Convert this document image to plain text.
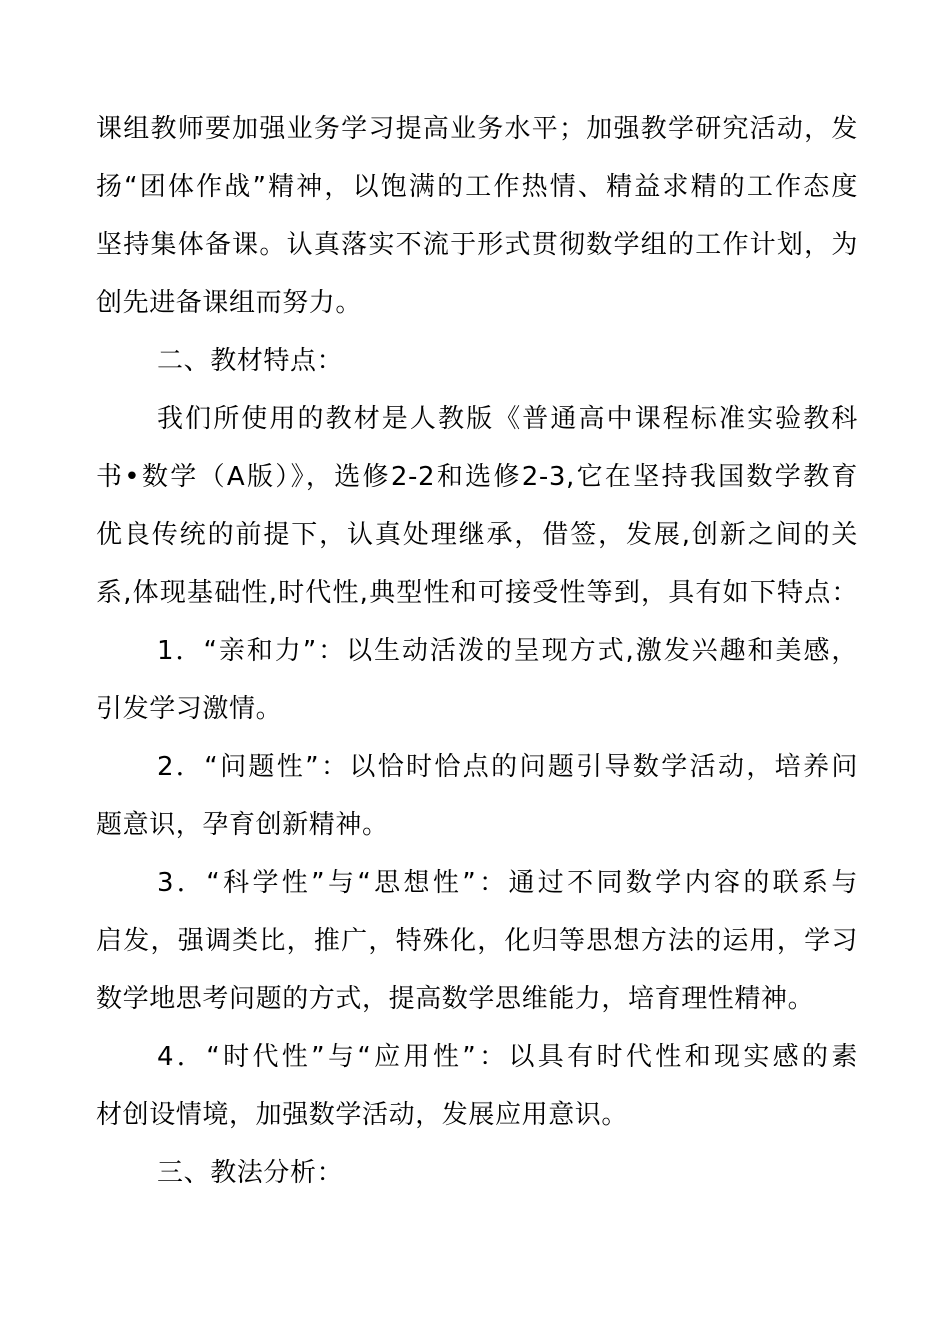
课组教师要加强业务学习提高业务水平；加强教学研究活动，发
扬“团体作战”精神，以饱满的工作热情、精益求精的工作态度
坚持集体备课。认真落实不流于形式贯彻数学组的工作计划，为
创先进备课组而努力。
二、教材特点：
我们所使用的教材是人教版《普通高中课程标准实验教科
书•数学（A版）》，选修2-2和选修2-3,它在坚持我国数学教育
优良传统的前提下，认真处理继承，借签，发展,创新之间的关
系,体现基础性,时代性,典型性和可接受性等到，具有如下特点：
1．“亲和力”：以生动活泼的呈现方式,激发兴趣和美感，
引发学习激情。
2．“问题性”：以恰时恰点的问题引导数学活动，培养问
题意识，孕育创新精神。
3．“科学性”与“思想性”：通过不同数学内容的联系与
启发，强调类比，推广，特殊化，化归等思想方法的运用，学习
数学地思考问题的方式，提高数学思维能力，培育理性精神。
4．“时代性”与“应用性”：以具有时代性和现实感的素
材创设情境，加强数学活动，发展应用意识。
三、教法分析：
